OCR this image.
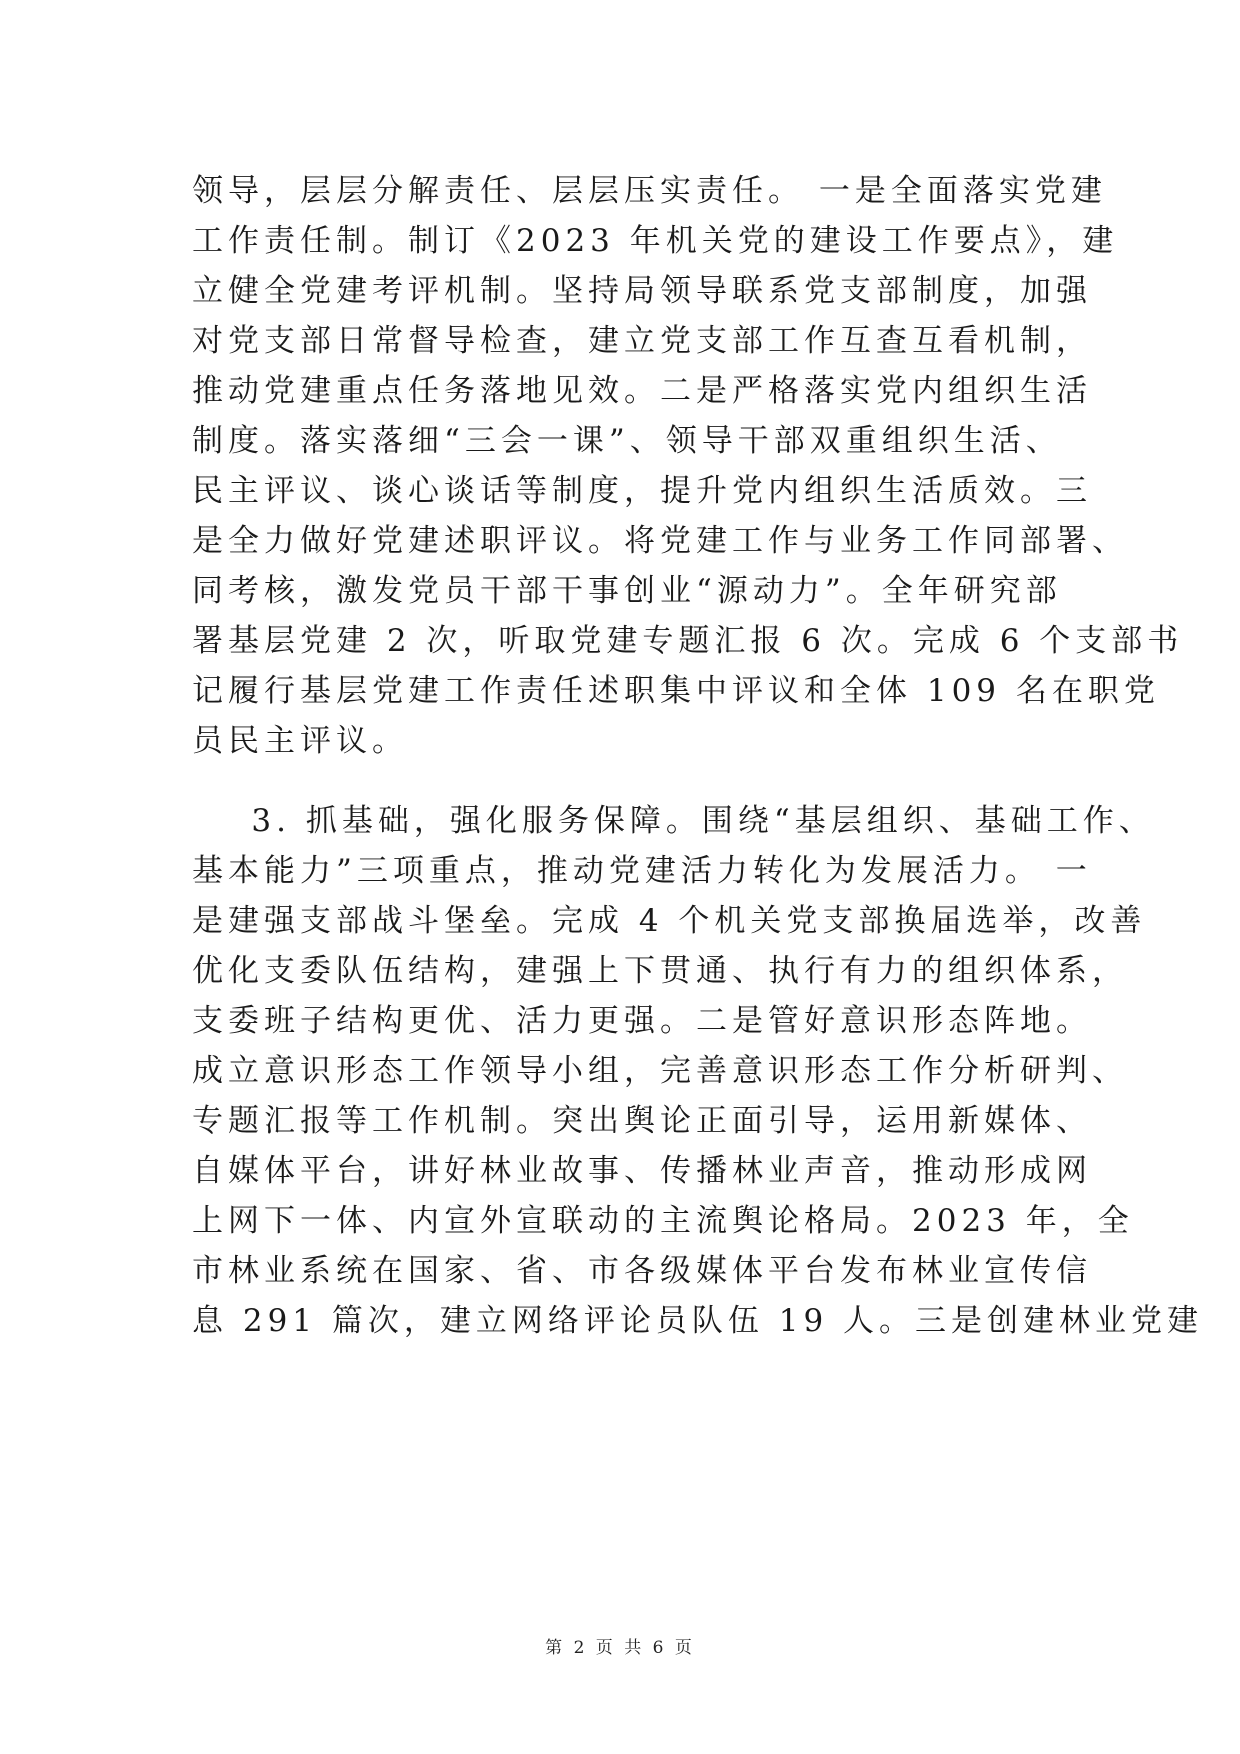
领导，层层分解责任、层层压实责任。 一是全面落实党建
工作责任制。制订《2023 年机关党的建设工作要点》，建
立健全党建考评机制。坚持局领导联系党支部制度，加强
对党支部日常督导检查，建立党支部工作互查互看机制，
推动党建重点任务落地见效。二是严格落实党内组织生活
制度。落实落细“三会一课”、领导干部双重组织生活、
民主评议、谈心谈话等制度，提升党内组织生活质效。三
是全力做好党建述职评议。将党建工作与业务工作同部署、
同考核，激发党员干部干事创业“源动力”。全年研究部
署基层党建 2 次，听取党建专题汇报 6 次。完成 6 个支部书
记履行基层党建工作责任述职集中评议和全体 109 名在职党
员民主评议。
3. 抓基础，强化服务保障。围绕“基层组织、基础工作、
基本能力”三项重点，推动党建活力转化为发展活力。 一
是建强支部战斗堡垒。完成 4 个机关党支部换届选举，改善
优化支委队伍结构，建强上下贯通、执行有力的组织体系，
支委班子结构更优、活力更强。二是管好意识形态阵地。
成立意识形态工作领导小组，完善意识形态工作分析研判、
专题汇报等工作机制。突出舆论正面引导，运用新媒体、
自媒体平台，讲好林业故事、传播林业声音，推动形成网
上网下一体、内宣外宣联动的主流舆论格局。2023 年，全
市林业系统在国家、省、市各级媒体平台发布林业宣传信
息 291 篇次，建立网络评论员队伍 19 人。三是创建林业党建
第 2 页 共 6 页
